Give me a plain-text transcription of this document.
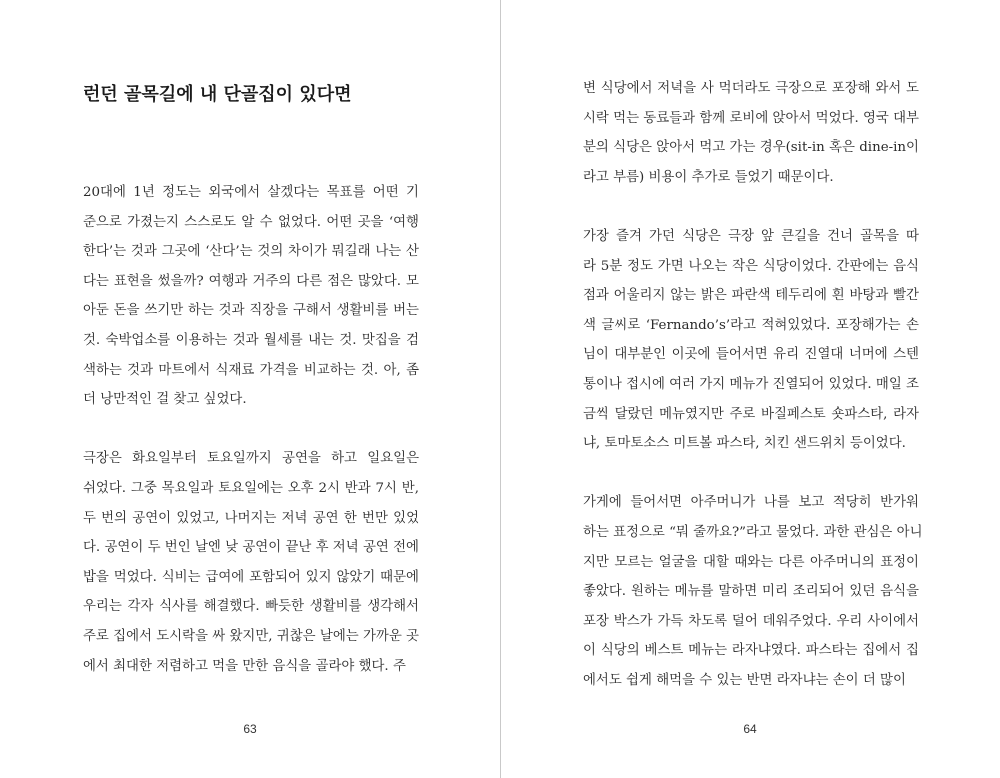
런던 골목길에 내 단골집이 있다면
20대에 1년 정도는 외국에서 살겠다는 목표를 어떤 기
준으로 가졌는지 스스로도 알 수 없었다. 어떤 곳을 ‘여행
한다’는 것과 그곳에 ‘산다’는 것의 차이가 뭐길래 나는 산
다는 표현을 썼을까? 여행과 거주의 다른 점은 많았다. 모
아둔 돈을 쓰기만 하는 것과 직장을 구해서 생활비를 버는
것. 숙박업소를 이용하는 것과 월세를 내는 것. 맛집을 검
색하는 것과 마트에서 식재료 가격을 비교하는 것. 아, 좀
더 낭만적인 걸 찾고 싶었다.
극장은 화요일부터 토요일까지 공연을 하고 일요일은
쉬었다. 그중 목요일과 토요일에는 오후 2시 반과 7시 반,
두 번의 공연이 있었고, 나머지는 저녁 공연 한 번만 있었
다. 공연이 두 번인 날엔 낮 공연이 끝난 후 저녁 공연 전에
밥을 먹었다. 식비는 급여에 포함되어 있지 않았기 때문에
우리는 각자 식사를 해결했다. 빠듯한 생활비를 생각해서
주로 집에서 도시락을 싸 왔지만, 귀찮은 날에는 가까운 곳
에서 최대한 저렴하고 먹을 만한 음식을 골라야 했다. 주
63
변 식당에서 저녁을 사 먹더라도 극장으로 포장해 와서 도
시락 먹는 동료들과 함께 로비에 앉아서 먹었다. 영국 대부
분의 식당은 앉아서 먹고 가는 경우(sit-in 혹은 dine-in이
라고 부름) 비용이 추가로 들었기 때문이다.
가장 즐겨 가던 식당은 극장 앞 큰길을 건너 골목을 따
라 5분 정도 가면 나오는 작은 식당이었다. 간판에는 음식
점과 어울리지 않는 밝은 파란색 테두리에 흰 바탕과 빨간
색 글씨로 ‘Fernando’s’라고 적혀있었다. 포장해가는 손
님이 대부분인 이곳에 들어서면 유리 진열대 너머에 스텐
통이나 접시에 여러 가지 메뉴가 진열되어 있었다. 매일 조
금씩 달랐던 메뉴였지만 주로 바질페스토 숏파스타, 라자
냐, 토마토소스 미트볼 파스타, 치킨 샌드위치 등이었다.
가게에 들어서면 아주머니가 나를 보고 적당히 반가워
하는 표정으로 “뭐 줄까요?”라고 물었다. 과한 관심은 아니
지만 모르는 얼굴을 대할 때와는 다른 아주머니의 표정이
좋았다. 원하는 메뉴를 말하면 미리 조리되어 있던 음식을
포장 박스가 가득 차도록 덜어 데워주었다. 우리 사이에서
이 식당의 베스트 메뉴는 라자냐였다. 파스타는 집에서 집
에서도 쉽게 해먹을 수 있는 반면 라자냐는 손이 더 많이
64
